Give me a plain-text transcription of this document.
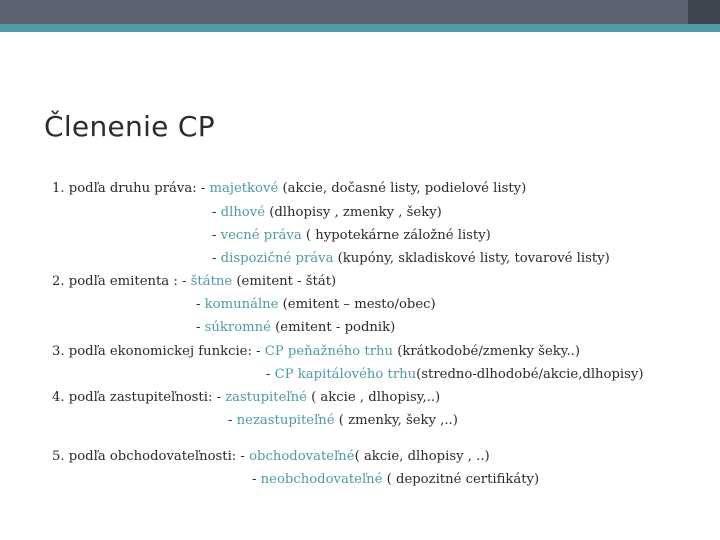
Členenie CP
1. podľa druhu práva: - majetkové (akcie, dočasné listy, podielové listy)
- dlhové (dlhopisy , zmenky , šeky)
- vecné práva ( hypotekárne záložné listy)
- dispozičné práva (kupóny, skladiskové listy, tovarové listy)
2. podľa emitenta : - štátne (emitent - štát)
- komunálne (emitent – mesto/obec)
- súkromné (emitent - podnik)
3. podľa ekonomickej funkcie: - CP peňažného trhu (krátkodobé/zmenky šeky..)
- CP kapitálového trhu(stredno-dlhodobé/akcie,dlhopisy)
4. podľa zastupiteľnosti: - zastupiteľné ( akcie , dlhopisy,..)
- nezastupiteľné ( zmenky, šeky ,..)
5. podľa obchodovateľnosti: - obchodovateľné( akcie, dlhopisy , ..)
- neobchodovateľné ( depozitné certifikáty)
